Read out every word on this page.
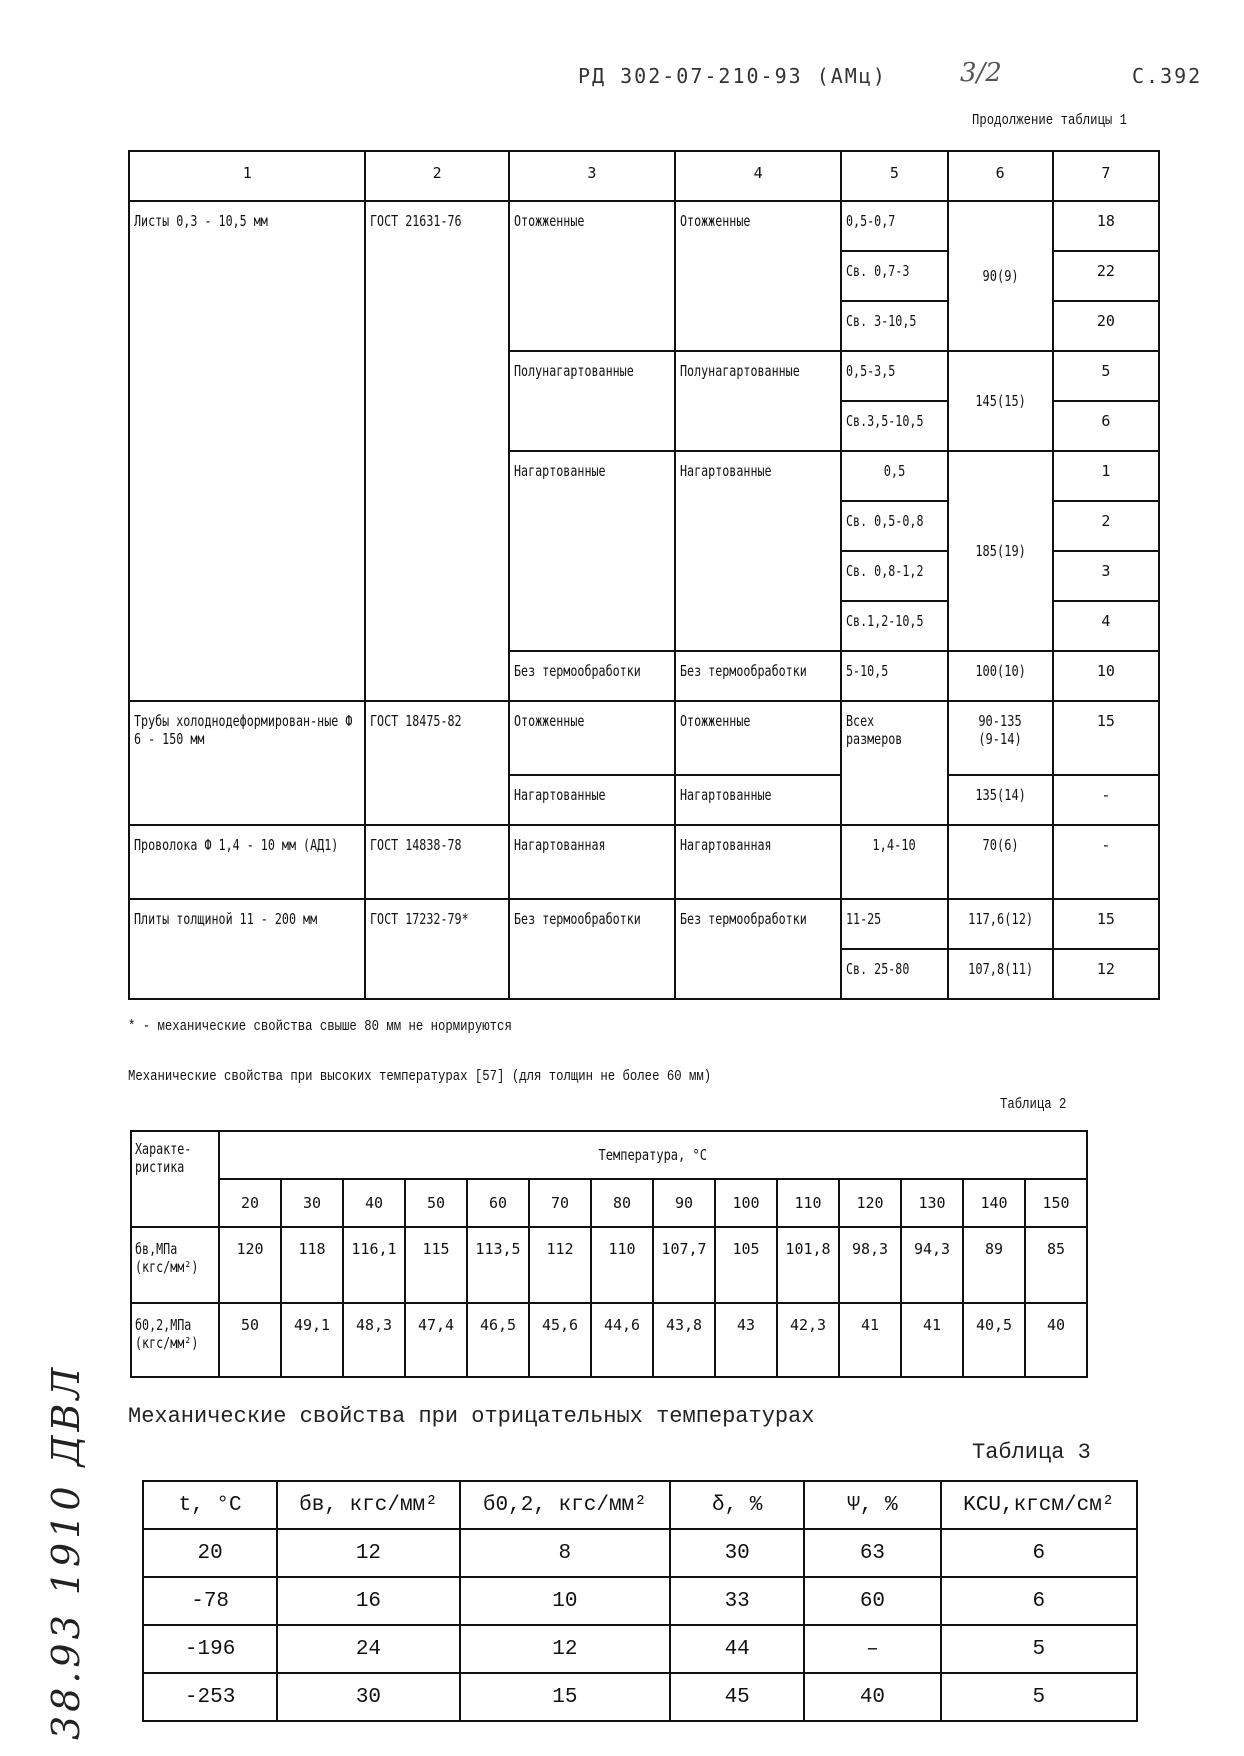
РД 302-07-210-93 (АМц)	3/2	С.392
Продолжение таблицы 1
1	2	3	4	5	6	7
Листы 0,3 - 10,5 мм	ГОСТ 21631-76	Отожженные	Отожженные	0,5-0,7	90(9)	18
				Св. 0,7-3		22
				Св. 3-10,5		20
		Полунагартованные	Полунагартованные	0,5-3,5	145(15)	5
				Св.3,5-10,5		6
		Нагартованные	Нагартованные	0,5	185(19)	1
				Св. 0,5-0,8		2
				Св. 0,8-1,2		3
				Св.1,2-10,5		4
		Без термообработки	Без термообработки	5-10,5	100(10)	10
Трубы холоднодеформирован-ные Ф 6 - 150 мм	ГОСТ 18475-82	Отожженные	Отожженные	Всех размеров	90-135 (9-14)	15
		Нагартованные	Нагартованные		135(14)	-
Проволока Ф 1,4 - 10 мм (АД1)	ГОСТ 14838-78	Нагартованная	Нагартованная	1,4-10	70(6)	-
Плиты толщиной 11 - 200 мм	ГОСТ 17232-79*	Без термообработки	Без термообработки	11-25	117,6(12)	15
				Св. 25-80	107,8(11)	12
* - механические свойства свыше 80 мм не нормируются
Механические свойства при высоких температурах [57] (для толщин не более 60 мм)
Таблица 2
Характе-ристика	Температура, °С													
	20	30	40	50	60	70	80	90	100	110	120	130	140	150
бв,МПа (кгс/мм²)	120	118	116,1	115	113,5	112	110	107,7	105	101,8	98,3	94,3	89	85
б0,2,МПа (кгс/мм²)	50	49,1	48,3	47,4	46,5	45,6	44,6	43,8	43	42,3	41	41	40,5	40
Механические свойства при отрицательных температурах
Таблица 3
t, °C	бв, кгс/мм²	б0,2, кгс/мм²	δ, %	Ψ, %	KCU,кгсм/см²
20	12	8	30	63	6
-78	16	10	33	60	6
-196	24	12	44	–	5
-253	30	15	45	40	5
38.93 1910 ДВЛ
